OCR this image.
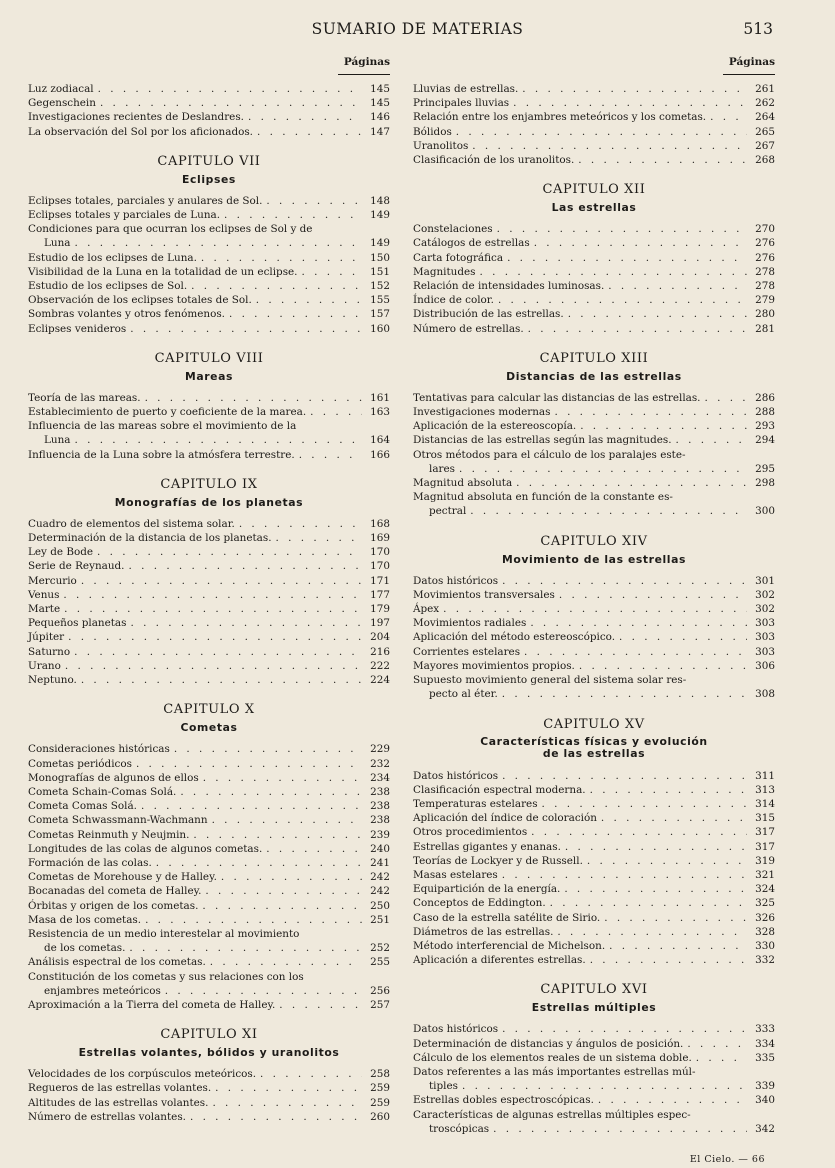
SUMARIO DE MATERIAS	513
Páginas
Luz zodiacal . . .	145
Gegenschein . . .	145
Investigaciones recientes de Deslandres. . . .	146
La observación del Sol por los aficionados. . . .	147
CAPITULO VII
Eclipses
Eclipses totales, parciales y anulares de Sol. . . .	148
Eclipses totales y parciales de Luna. . . .	149
Condiciones para que ocurran los eclipses de Sol y de
Luna . . .	149
Estudio de los eclipses de Luna. . . .	150
Visibilidad de la Luna en la totalidad de un eclipse. . . .	151
Estudio de los eclipses de Sol. . . .	152
Observación de los eclipses totales de Sol. . . .	155
Sombras volantes y otros fenómenos. . . .	157
Eclipses venideros . . .	160
CAPITULO VIII
Mareas
Teoría de las mareas. . . .	161
Establecimiento de puerto y coeficiente de la marea. . . .	163
Influencia de las mareas sobre el movimiento de la
Luna . . .	164
Influencia de la Luna sobre la atmósfera terrestre. . . .	166
CAPITULO IX
Monografías de los planetas
Cuadro de elementos del sistema solar. . . .	168
Determinación de la distancia de los planetas. . . .	169
Ley de Bode . . .	170
Serie de Reynaud. . . .	170
Mercurio . . .	171
Venus . . .	177
Marte . . .	179
Pequeños planetas . . .	197
Júpiter . . .	204
Saturno . . .	216
Urano . . .	222
Neptuno. . . .	224
CAPITULO X
Cometas
Consideraciones históricas . . .	229
Cometas periódicos . . .	232
Monografías de algunos de ellos . . .	234
Cometa Schain-Comas Solá. . . .	238
Cometa Comas Solá. . . .	238
Cometa Schwassmann-Wachmann . . .	238
Cometas Reinmuth y Neujmin. . . .	239
Longitudes de las colas de algunos cometas. . . .	240
Formación de las colas. . . .	241
Cometas de Morehouse y de Halley. . . .	242
Bocanadas del cometa de Halley. . . .	242
Órbitas y origen de los cometas. . . .	250
Masa de los cometas. . . .	251
Resistencia de un medio interestelar al movimiento
de los cometas. . . .	252
Análisis espectral de los cometas. . . .	255
Constitución de los cometas y sus relaciones con los
enjambres meteóricos . . .	256
Aproximación a la Tierra del cometa de Halley. . . .	257
CAPITULO XI
Estrellas volantes, bólidos y uranolitos
Velocidades de los corpúsculos meteóricos. . . .	258
Regueros de las estrellas volantes. . . .	259
Altitudes de las estrellas volantes. . . .	259
Número de estrellas volantes. . . .	260
Páginas
Lluvias de estrellas. . . .	261
Principales lluvias . . .	262
Relación entre los enjambres meteóricos y los cometas. . . .	264
Bólidos . . .	265
Uranolitos . . .	267
Clasificación de los uranolitos. . . .	268
CAPITULO XII
Las estrellas
Constelaciones . . .	270
Catálogos de estrellas . . .	276
Carta fotográfica . . .	276
Magnitudes . . .	278
Relación de intensidades luminosas. . . .	278
Índice de color. . . .	279
Distribución de las estrellas. . . .	280
Número de estrellas. . . .	281
CAPITULO XIII
Distancias de las estrellas
Tentativas para calcular las distancias de las estrellas. . . .	286
Investigaciones modernas . . .	288
Aplicación de la estereoscopía. . . .	293
Distancias de las estrellas según las magnitudes. . . .	294
Otros métodos para el cálculo de los paralajes este-
lares . . .	295
Magnitud absoluta . . .	298
Magnitud absoluta en función de la constante es-
pectral . . .	300
CAPITULO XIV
Movimiento de las estrellas
Datos históricos . . .	301
Movimientos transversales . . .	302
Ápex . . .	302
Movimientos radiales . . .	303
Aplicación del método estereoscópico. . . .	303
Corrientes estelares . . .	303
Mayores movimientos propios. . . .	306
Supuesto movimiento general del sistema solar res-
pecto al éter. . . .	308
CAPITULO XV
Características físicas y evolución
de las estrellas
Datos históricos . . .	311
Clasificación espectral moderna. . . .	313
Temperaturas estelares . . .	314
Aplicación del índice de coloración . . .	315
Otros procedimientos . . .	317
Estrellas gigantes y enanas. . . .	317
Teorías de Lockyer y de Russell. . . .	319
Masas estelares . . .	321
Equipartición de la energía. . . .	324
Conceptos de Eddington. . . .	325
Caso de la estrella satélite de Sirio. . . .	326
Diámetros de las estrellas. . . .	328
Método interferencial de Michelson. . . .	330
Aplicación a diferentes estrellas. . . .	332
CAPITULO XVI
Estrellas múltiples
Datos históricos . . .	333
Determinación de distancias y ángulos de posición. . . .	334
Cálculo de los elementos reales de un sistema doble. . . .	335
Datos referentes a las más importantes estrellas múl-
tiples . . .	339
Estrellas dobles espectroscópicas. . . .	340
Características de algunas estrellas múltiples espec-
troscópicas . . .	342
El Cielo. — 66
